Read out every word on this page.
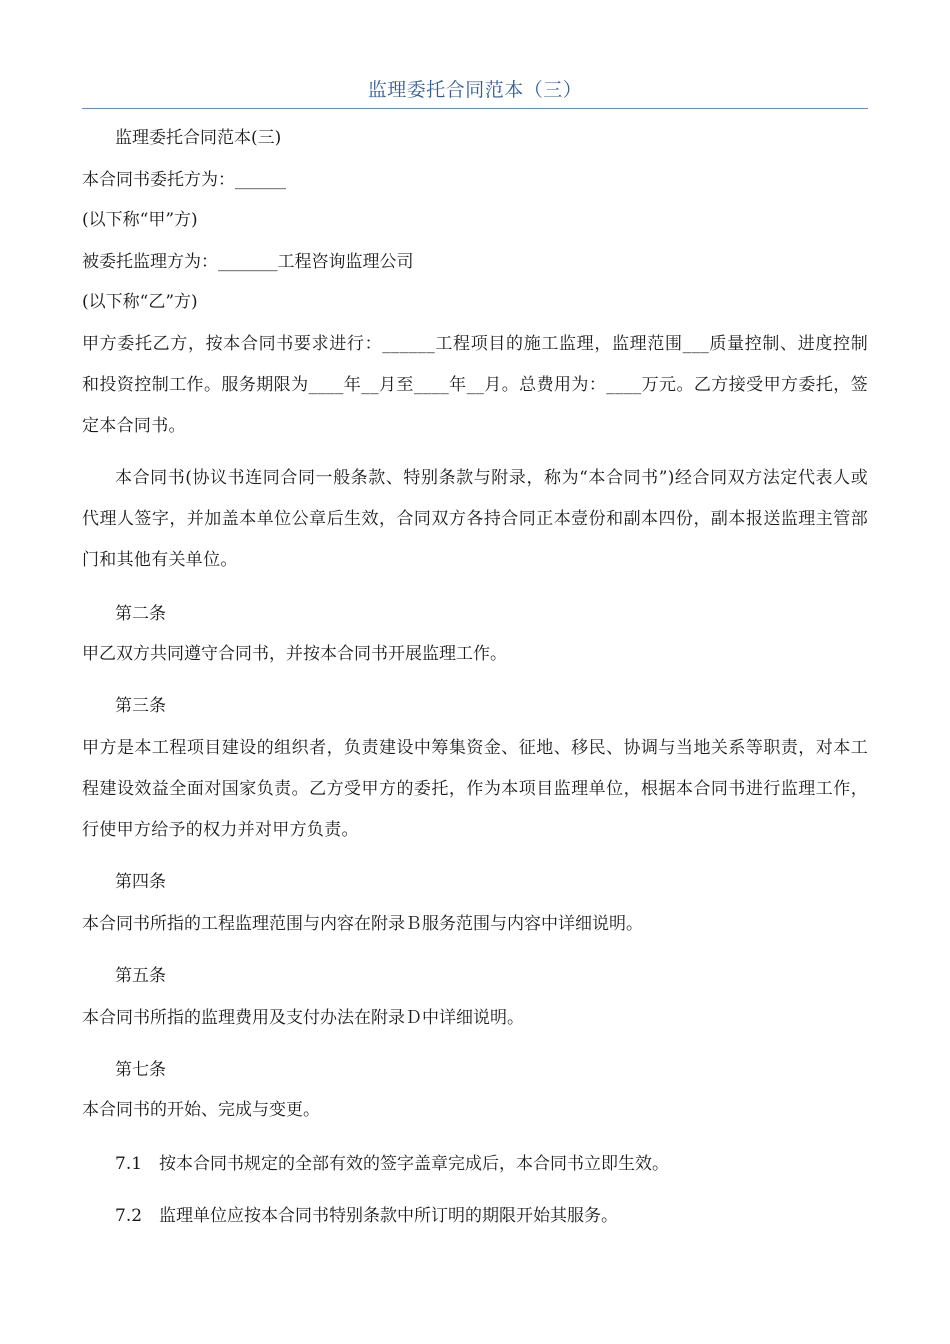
监理委托合同范本（三）
监理委托合同范本(三)
本合同书委托方为：______
(以下称“甲”方)
被委托监理方为：_______工程咨询监理公司
(以下称“乙”方)
甲方委托乙方，按本合同书要求进行：______工程项目的施工监理，监理范围___质量控制、进度控制和投资控制工作。服务期限为____年__月至____年__月。总费用为：____万元。乙方接受甲方委托，签定本合同书。
本合同书(协议书连同合同一般条款、特别条款与附录，称为“本合同书”)经合同双方法定代表人或代理人签字，并加盖本单位公章后生效，合同双方各持合同正本壹份和副本四份，副本报送监理主管部门和其他有关单位。
第二条
甲乙双方共同遵守合同书，并按本合同书开展监理工作。
第三条
甲方是本工程项目建设的组织者，负责建设中筹集资金、征地、移民、协调与当地关系等职责，对本工程建设效益全面对国家负责。乙方受甲方的委托，作为本项目监理单位，根据本合同书进行监理工作，行使甲方给予的权力并对甲方负责。
第四条
本合同书所指的工程监理范围与内容在附录Ｂ服务范围与内容中详细说明。
第五条
本合同书所指的监理费用及支付办法在附录Ｄ中详细说明。
第七条
本合同书的开始、完成与变更。
7.1　按本合同书规定的全部有效的签字盖章完成后，本合同书立即生效。
7.2　监理单位应按本合同书特别条款中所订明的期限开始其服务。
